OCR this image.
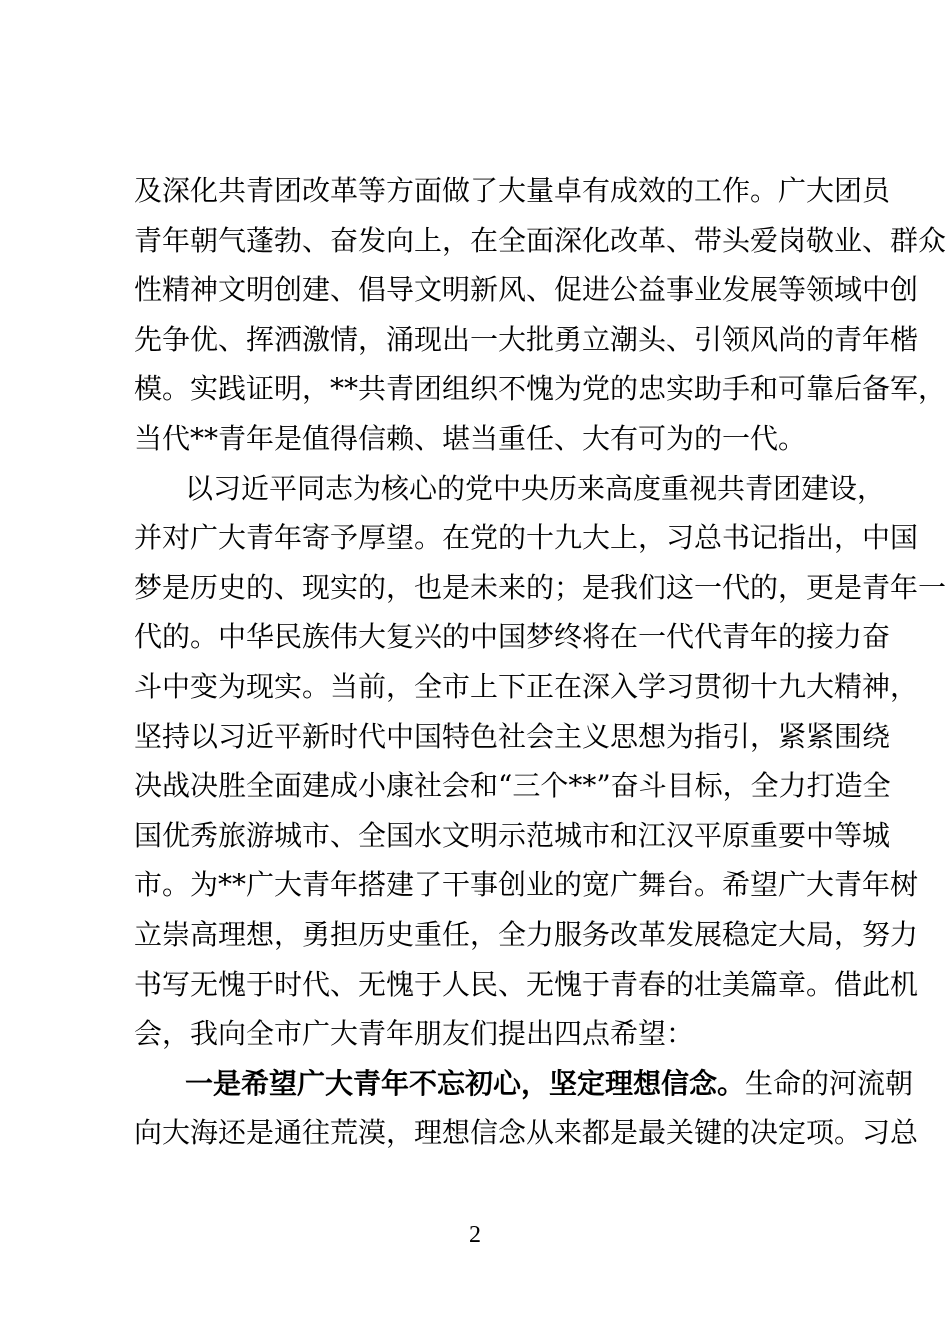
及深化共青团改革等方面做了大量卓有成效的工作。广大团员
青年朝气蓬勃、奋发向上，在全面深化改革、带头爱岗敬业、群众
性精神文明创建、倡导文明新风、促进公益事业发展等领域中创
先争优、挥洒激情，涌现出一大批勇立潮头、引领风尚的青年楷
模。实践证明，**共青团组织不愧为党的忠实助手和可靠后备军，
当代**青年是值得信赖、堪当重任、大有可为的一代。
以习近平同志为核心的党中央历来高度重视共青团建设，
并对广大青年寄予厚望。在党的十九大上，习总书记指出，中国
梦是历史的、现实的，也是未来的；是我们这一代的，更是青年一
代的。中华民族伟大复兴的中国梦终将在一代代青年的接力奋
斗中变为现实。当前，全市上下正在深入学习贯彻十九大精神，
坚持以习近平新时代中国特色社会主义思想为指引，紧紧围绕
决战决胜全面建成小康社会和“三个**”奋斗目标，全力打造全
国优秀旅游城市、全国水文明示范城市和江汉平原重要中等城
市。为**广大青年搭建了干事创业的宽广舞台。希望广大青年树
立崇高理想，勇担历史重任，全力服务改革发展稳定大局，努力
书写无愧于时代、无愧于人民、无愧于青春的壮美篇章。借此机
会，我向全市广大青年朋友们提出四点希望：
一是希望广大青年不忘初心，坚定理想信念。生命的河流朝
向大海还是通往荒漠，理想信念从来都是最关键的决定项。习总
2
